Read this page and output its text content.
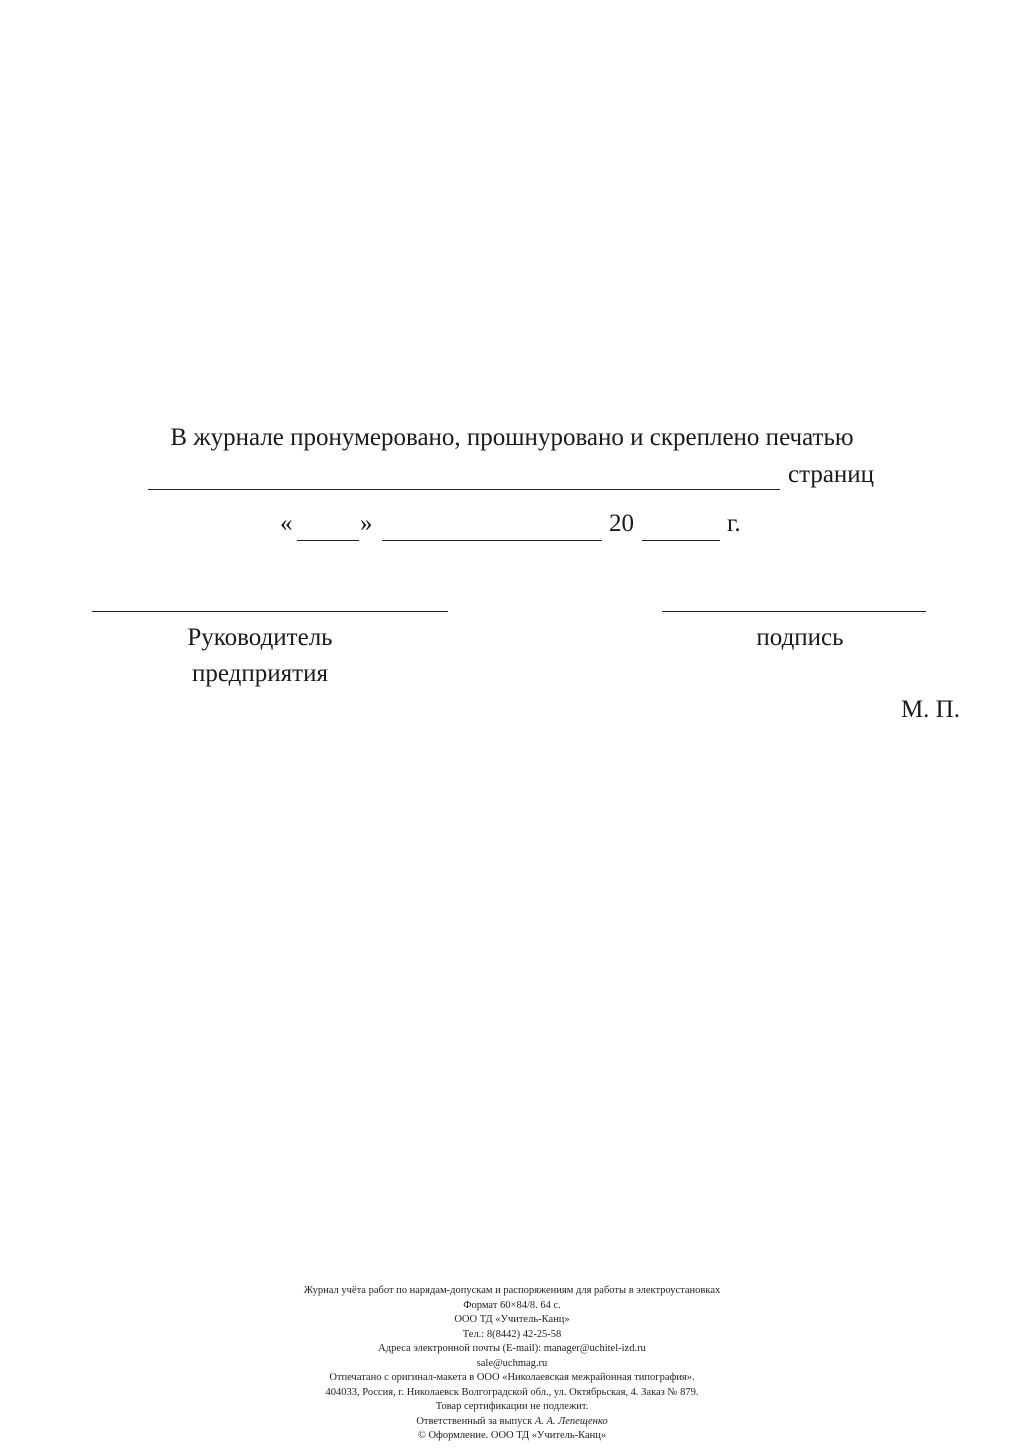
В журнале пронумеровано, прошнуровано и скреплено печатью
страниц
«	»	20	г.
Руководитель
предприятия
подпись
М. П.
Журнал учёта работ по нарядам-допускам и распоряжениям для работы в электроустановках
Формат 60×84/8. 64 с.
ООО ТД «Учитель-Канц»
Тел.: 8(8442) 42-25-58
Адреса электронной почты (E-mail): manager@uchitel-izd.ru
sale@uchmag.ru
Отпечатано с оригинал-макета в ООО «Николаевская межрайонная типография».
404033, Россия, г. Николаевск Волгоградской обл., ул. Октябрьская, 4. Заказ № 879.
Товар сертификации не подлежит.
Ответственный за выпуск А. А. Лепещенко
© Оформление. ООО ТД «Учитель-Канц»
